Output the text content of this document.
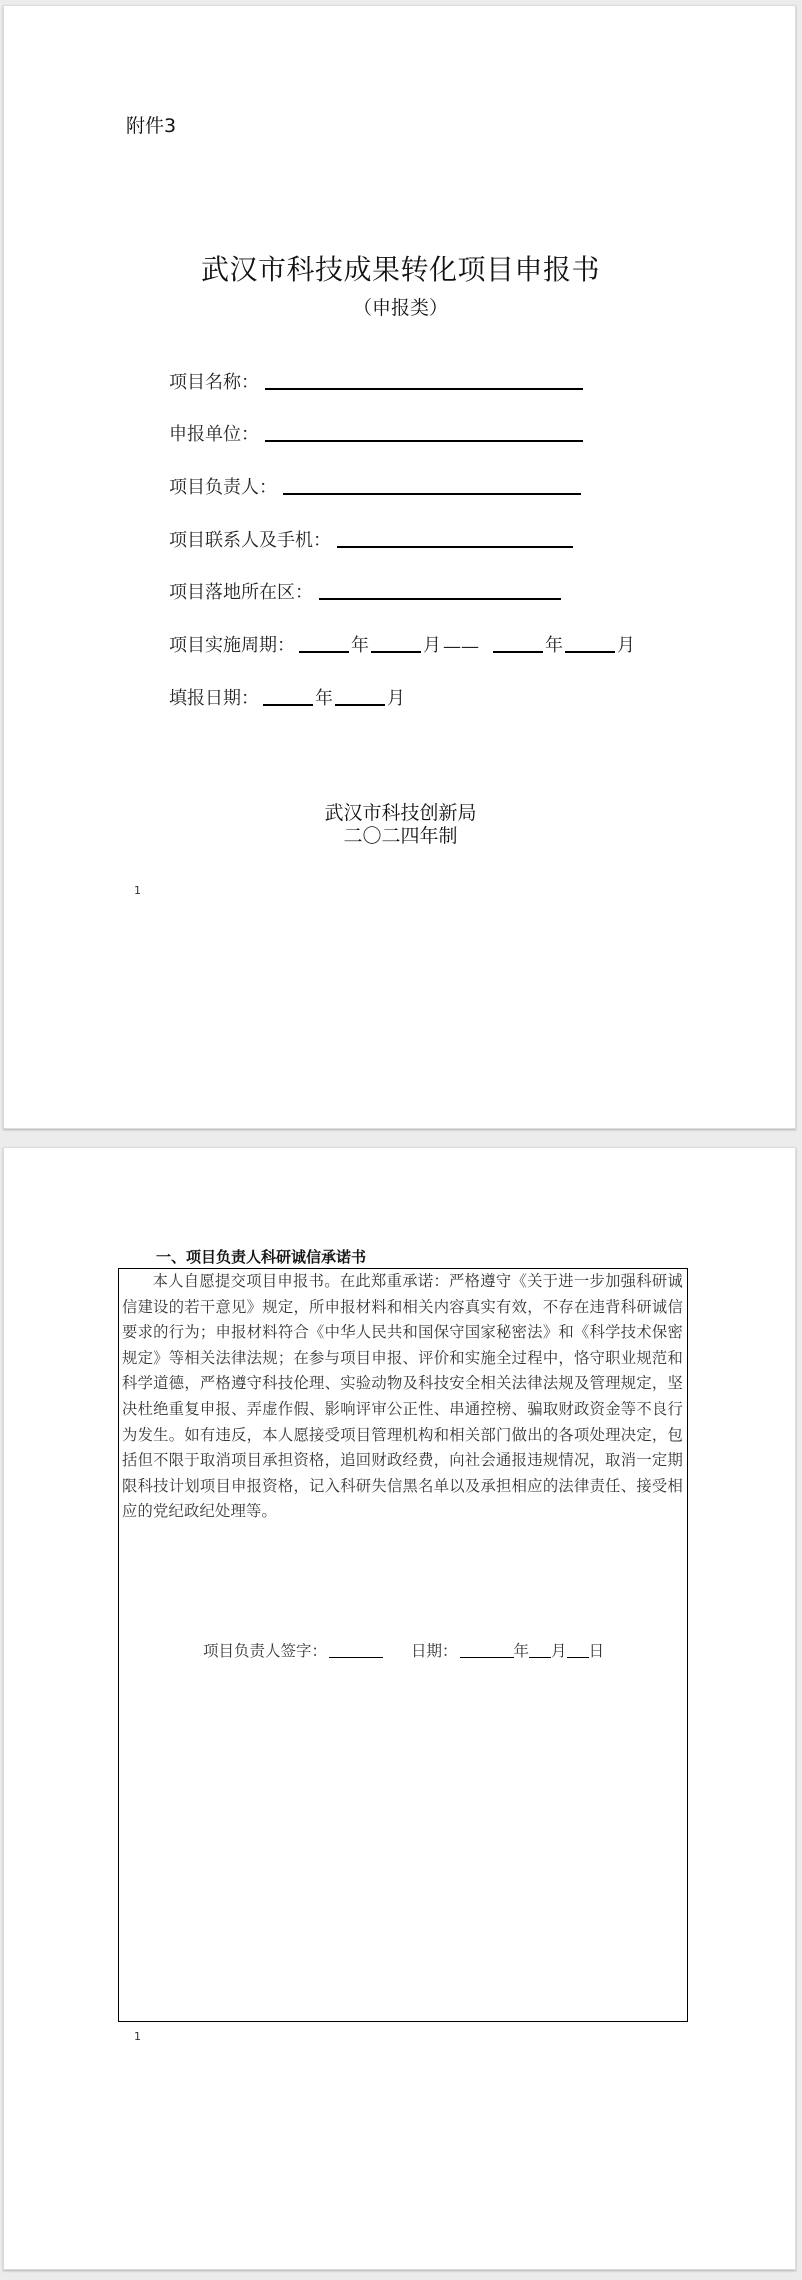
附件3
武汉市科技成果转化项目申报书
（申报类）
项目名称：
申报单位：
项目负责人：
项目联系人及手机：
项目落地所在区：
项目实施周期：	年	月 ——	年	月
填报日期：	年	月
武汉市科技创新局
二〇二四年制
1
一、项目负责人科研诚信承诺书
本人自愿提交项目申报书。在此郑重承诺：严格遵守《关于进一步加强科研诚信建设的若干意见》规定，所申报材料和相关内容真实有效，不存在违背科研诚信要求的行为；申报材料符合《中华人民共和国保守国家秘密法》和《科学技术保密规定》等相关法律法规；在参与项目申报、评价和实施全过程中，恪守职业规范和科学道德，严格遵守科技伦理、实验动物及科技安全相关法律法规及管理规定，坚决杜绝重复申报、弄虚作假、影响评审公正性、串通控榜、骗取财政资金等不良行为发生。如有违反，本人愿接受项目管理机构和相关部门做出的各项处理决定，包括但不限于取消项目承担资格，追回财政经费，向社会通报违规情况，取消一定期限科技计划项目申报资格，记入科研失信黑名单以及承担相应的法律责任、接受相应的党纪政纪处理等。
项目负责人签字：	日期：	年 月 日
1
